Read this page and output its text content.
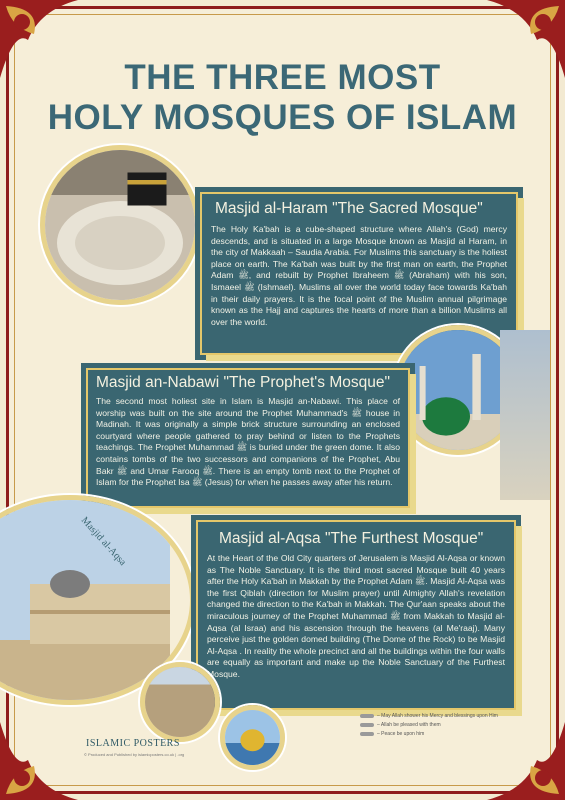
THE THREE MOST
HOLY MOSQUES OF ISLAM
Masjid al-Haram "The Sacred Mosque"

The Holy Ka'bah is a cube-shaped structure where Allah's (God) mercy descends, and is situated in a large Mosque known as Masjid al Haram, in the city of Makkaah – Saudia Arabia. For Muslims this sanctuary is the holiest place on earth. The Ka'bah was built by the first man on earth, the Prophet Adam ﷺ, and rebuilt by Prophet Ibraheem ﷺ (Abraham) with his son, Ismaeel ﷺ (Ishmael). Muslims all over the world today face towards Ka'bah in their daily prayers. It is the focal point of the Muslim annual pilgrimage known as the Hajj and captures the hearts of more than a billion Muslims all over the world.

Masjid an-Nabawi "The Prophet's Mosque"

The second most holiest site in Islam is Masjid an-Nabawi. This place of worship was built on the site around the Prophet Muhammad's ﷺ house in Madinah. It was originally a simple brick structure surrounding an enclosed courtyard where people gathered to pray behind or listen to the Prophets teachings. The Prophet Muhammad ﷺ is buried under the green dome. It also contains tombs of the two successors and companions of the Prophet, Abu Bakr ﷺ and Umar Farooq ﷺ. There is an empty tomb next to the Prophet of Islam for the Prophet Isa ﷺ (Jesus) for when he passes away after his return.

Masjid al-Aqsa	Masjid al-Aqsa "The Furthest Mosque"

At the Heart of the Old City quarters of Jerusalem is Masjid Al-Aqsa or known as The Noble Sanctuary. It is the third most sacred Mosque built 40 years after the Holy Ka'bah in Makkah by the Prophet Adam ﷺ. Masjid Al-Aqsa was the first Qiblah (direction for Muslim prayer) until Almighty Allah's revelation changed the direction to the Ka'bah in Makkah. The Qur'aan speaks about the miraculous journey of the Prophet Muhammad ﷺ from Makkah to Masjid al-Aqsa (al Israa) and his ascension through the heavens (al Me'raaj). Many perceive just the golden domed building (The Dome of the Rock) to be Masjid Al-Aqsa . In reality the whole precinct and all the buildings within the four walls are equally as important and make up the Noble Sanctuary of the Furthest Mosque.

– May Allah shower his Mercy and blessings upon Him
– Allah be pleased with them
– Peace be upon him
ISLAMIC POSTERS
© Produced and Published by islamicposters.co.uk | .org
